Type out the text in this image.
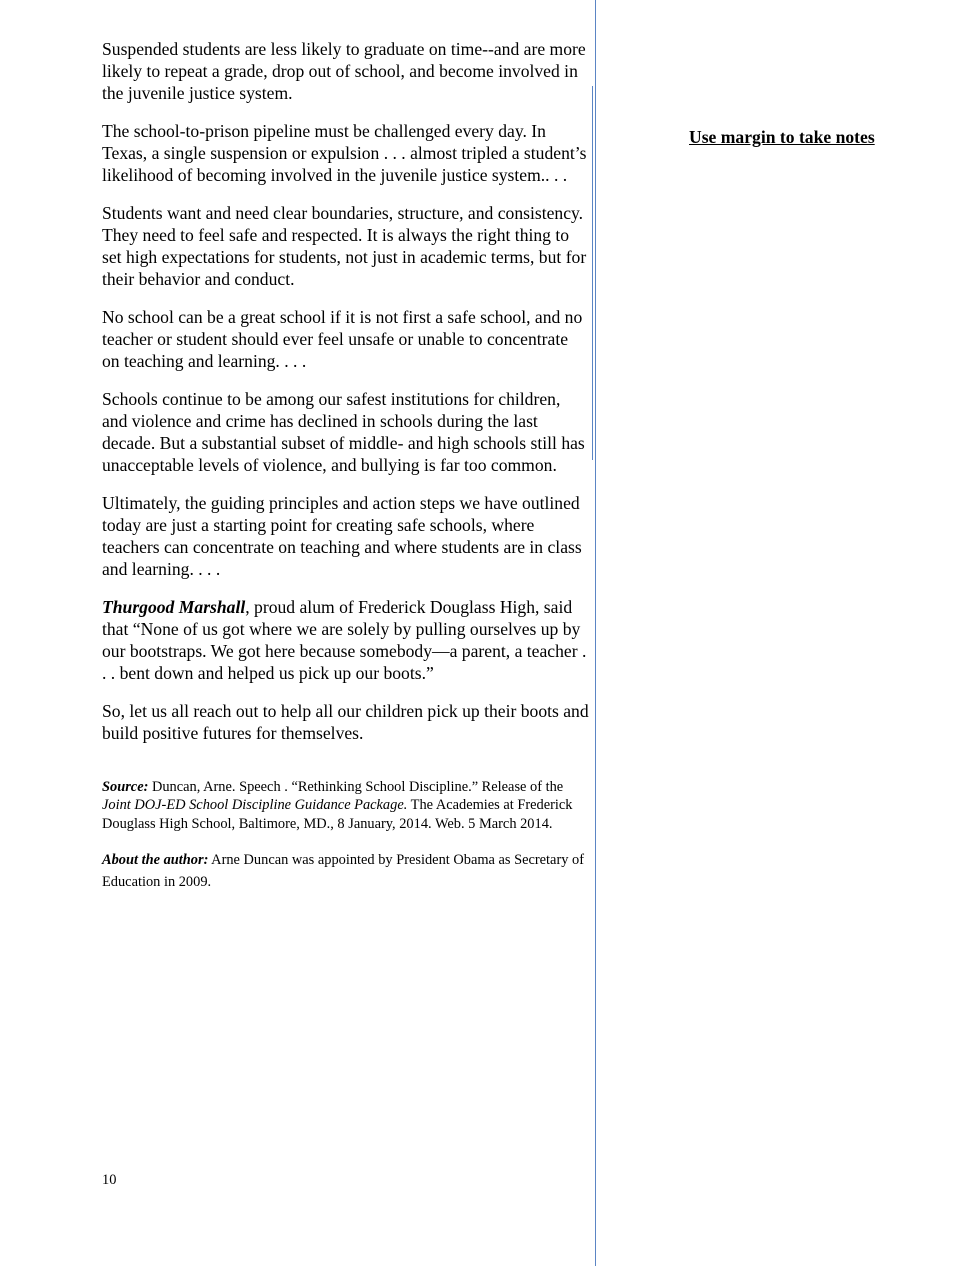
Suspended students are less likely to graduate on time--and are more likely to repeat a grade, drop out of school, and become involved in the juvenile justice system.

The school-to-prison pipeline must be challenged every day. In Texas, a single suspension or expulsion . . . almost tripled a student’s likelihood of becoming involved in the juvenile justice system.. . .

Students want and need clear boundaries, structure, and consistency. They need to feel safe and respected. It is always the right thing to set high expectations for students, not just in academic terms, but for their behavior and conduct.

No school can be a great school if it is not first a safe school, and no teacher or student should ever feel unsafe or unable to concentrate on teaching and learning. . . .

Schools continue to be among our safest institutions for children, and violence and crime has declined in schools during the last decade. But a substantial subset of middle- and high schools still has unacceptable levels of violence, and bullying is far too common.

Ultimately, the guiding principles and action steps we have outlined today are just a starting point for creating safe schools, where teachers can concentrate on teaching and where students are in class and learning. . . .

Thurgood Marshall, proud alum of Frederick Douglass High, said that “None of us got where we are solely by pulling ourselves up by our bootstraps. We got here because somebody—a parent, a teacher . . . bent down and helped us pick up our boots.”

So, let us all reach out to help all our children pick up their boots and build positive futures for themselves.

Source: Duncan, Arne. Speech . “Rethinking School Discipline.” Release of the Joint DOJ-ED School Discipline Guidance Package. The Academies at Frederick Douglass High School, Baltimore, MD., 8 January, 2014. Web. 5 March 2014.

About the author: Arne Duncan was appointed by President Obama as Secretary of Education in 2009.

Use margin to take notes
10
